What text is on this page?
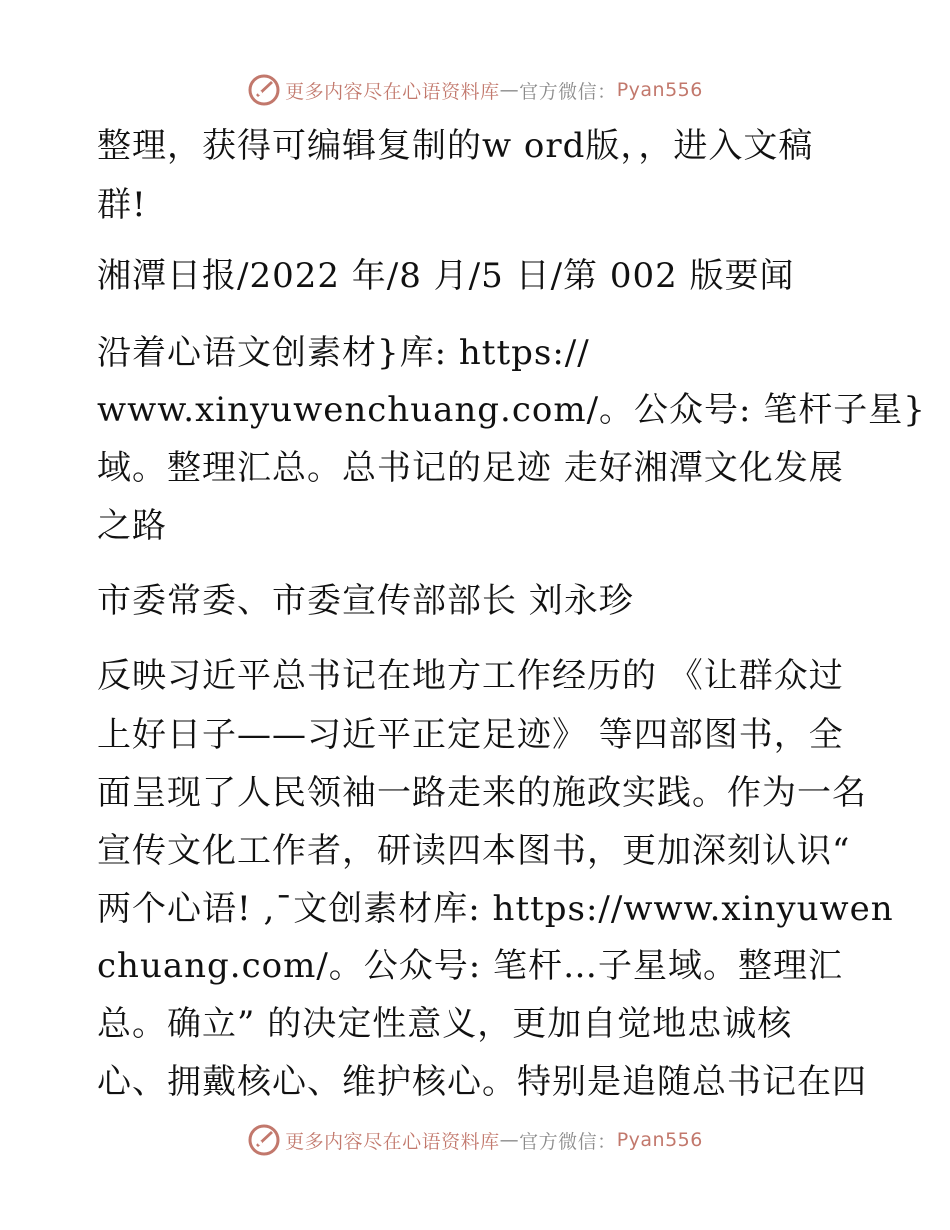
更多内容尽在心语资料库 — 官方微信： Pyan556
整理，获得可编辑复制的w ord版，，进入文稿
群!
湘潭日报/2022 年/8 月/5 日/第 002 版要闻
沿着心语文创素材}库: https://
www.xinyuwenchuang.com/。公众号: 笔杆子星}
域。整理汇总。总书记的足迹 走好湘潭文化发展
之路
市委常委、市委宣传部部长 刘永珍
反映习近平总书记在地方工作经历的 《让群众过
上好日子——习近平正定足迹》 等四部图书，全
面呈现了人民领袖一路走来的施政实践。作为一名
宣传文化工作者，研读四本图书，更加深刻认识“
两个心语! ,¯文创素材库: https://www.xinyuwen
chuang.com/。公众号: 笔杆…子星域。整理汇
总。确立” 的决定性意义，更加自觉地忠诚核
心、拥戴核心、维护核心。特别是追随总书记在四
更多内容尽在心语资料库 — 官方微信： Pyan556
